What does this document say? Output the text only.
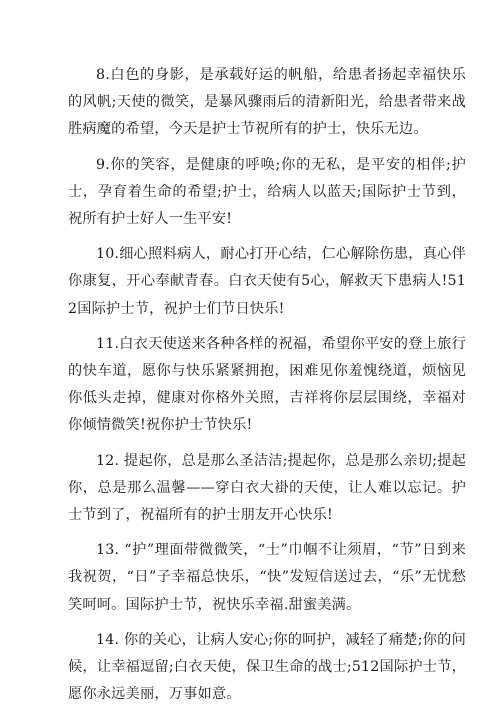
8.白色的身影，是承载好运的帆船，给患者扬起幸福快乐的风帆;天使的微笑，是暴风骤雨后的清新阳光，给患者带来战胜病魔的希望，今天是护士节祝所有的护士，快乐无边。

9.你的笑容，是健康的呼唤;你的无私，是平安的相伴;护士，孕育着生命的希望;护士，给病人以蓝天;国际护士节到，祝所有护士好人一生平安!

10.细心照料病人，耐心打开心结，仁心解除伤患，真心伴你康复，开心奉献青春。白衣天使有5心，解救天下患病人!512国际护士节，祝护士们节日快乐!

11.白衣天使送来各种各样的祝福，希望你平安的登上旅行的快车道，愿你与快乐紧紧拥抱，困难见你羞愧绕道，烦恼见你低头走掉，健康对你格外关照，吉祥将你层层围绕，幸福对你倾情微笑!祝你护士节快乐!

12. 提起你，总是那么圣洁洁;提起你，总是那么亲切;提起你，总是那么温馨——穿白衣大褂的天使，让人难以忘记。护士节到了，祝福所有的护士朋友开心快乐!

13. “护”理面带微微笑，“士”巾帼不让须眉，“节”日到来我祝贺，“日”子幸福总快乐，“快”发短信送过去，“乐”无忧愁笑呵呵。国际护士节，祝快乐幸福.甜蜜美满。

14. 你的关心，让病人安心;你的呵护，减轻了痛楚;你的问候，让幸福逗留;白衣天使，保卫生命的战士;512国际护士节，愿你永远美丽，万事如意。
